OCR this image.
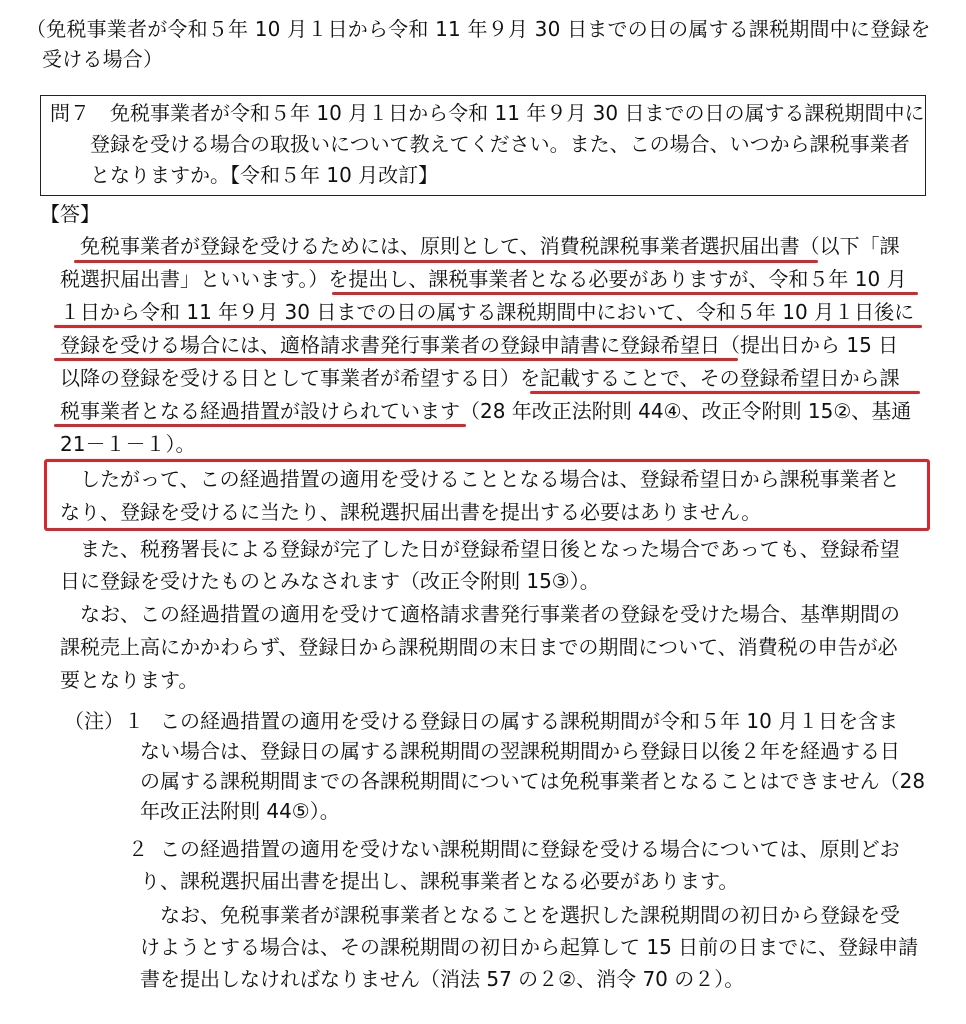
（免税事業者が令和５年 10 月１日から令和 11 年９月 30 日までの日の属する課税期間中に登録を
受ける場合）
問７　免税事業者が令和５年 10 月１日から令和 11 年９月 30 日までの日の属する課税期間中に
登録を受ける場合の取扱いについて教えてください。また、この場合、いつから課税事業者
となりますか。【令和５年 10 月改訂】
【答】
免税事業者が登録を受けるためには、原則として、消費税課税事業者選択届出書（以下「課
税選択届出書」といいます。）を提出し、課税事業者となる必要がありますが、令和５年 10 月
１日から令和 11 年９月 30 日までの日の属する課税期間中において、令和５年 10 月１日後に
登録を受ける場合には、適格請求書発行事業者の登録申請書に登録希望日（提出日から 15 日
以降の登録を受ける日として事業者が希望する日）を記載することで、その登録希望日から課
税事業者となる経過措置が設けられています（28 年改正法附則 44④、改正令附則 15②、基通
21－１－１）。
したがって、この経過措置の適用を受けることとなる場合は、登録希望日から課税事業者と
なり、登録を受けるに当たり、課税選択届出書を提出する必要はありません。
また、税務署長による登録が完了した日が登録希望日後となった場合であっても、登録希望
日に登録を受けたものとみなされます（改正令附則 15③）。
なお、この経過措置の適用を受けて適格請求書発行事業者の登録を受けた場合、基準期間の
課税売上高にかかわらず、登録日から課税期間の末日までの期間について、消費税の申告が必
要となります。
（注）１ この経過措置の適用を受ける登録日の属する課税期間が令和５年 10 月１日を含ま
ない場合は、登録日の属する課税期間の翌課税期間から登録日以後２年を経過する日
の属する課税期間までの各課税期間については免税事業者となることはできません（28
年改正法附則 44⑤）。
２ この経過措置の適用を受けない課税期間に登録を受ける場合については、原則どお
り、課税選択届出書を提出し、課税事業者となる必要があります。
なお、免税事業者が課税事業者となることを選択した課税期間の初日から登録を受
けようとする場合は、その課税期間の初日から起算して 15 日前の日までに、登録申請
書を提出しなければなりません（消法 57 の２②、消令 70 の２）。
